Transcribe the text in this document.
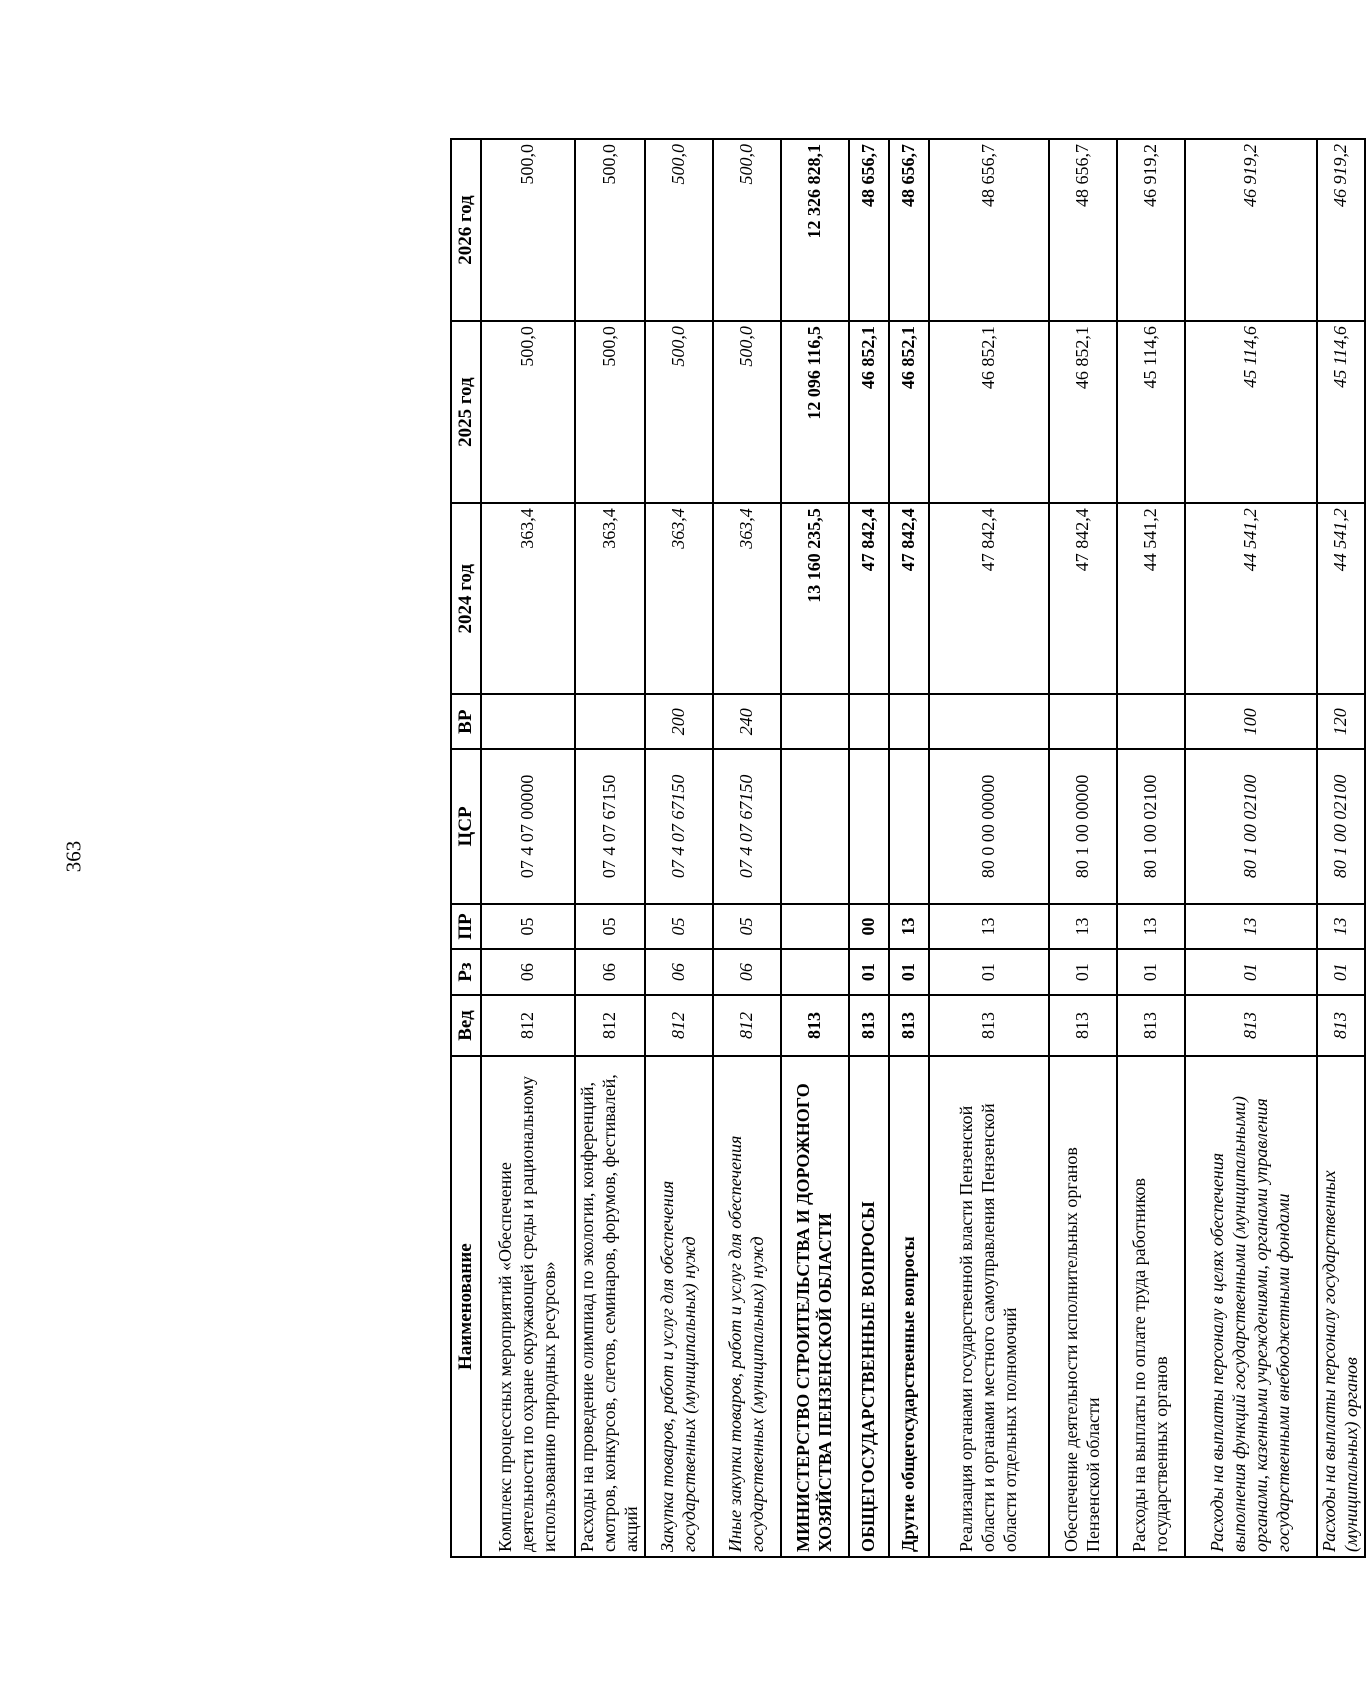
363
Наименование	Вед	Рз	ПР	ЦСР	ВР	2024 год	2025 год	2026 год
Комплекс процессных мероприятий «Обеспечение деятельности по охране окружающей среды и рациональному использованию природных ресурсов»	812	06	05	07 4 07 00000		363,4	500,0	500,0
Расходы на проведение олимпиад по экологии, конференций, смотров, конкурсов, слетов, семинаров, форумов, фестивалей, акций	812	06	05	07 4 07 67150		363,4	500,0	500,0
Закупка товаров, работ и услуг для обеспечения государственных (муниципальных) нужд	812	06	05	07 4 07 67150	200	363,4	500,0	500,0
Иные закупки товаров, работ и услуг для обеспечения государственных (муниципальных) нужд	812	06	05	07 4 07 67150	240	363,4	500,0	500,0
МИНИСТЕРСТВО СТРОИТЕЛЬСТВА И ДОРОЖНОГО ХОЗЯЙСТВА ПЕНЗЕНСКОЙ ОБЛАСТИ	813					13 160 235,5	12 096 116,5	12 326 828,1
ОБЩЕГОСУДАРСТВЕННЫЕ ВОПРОСЫ	813	01	00			47 842,4	46 852,1	48 656,7
Другие общегосударственные вопросы	813	01	13			47 842,4	46 852,1	48 656,7
Реализация органами государственной власти Пензенской области и органами местного самоуправления Пензенской области отдельных полномочий	813	01	13	80 0 00 00000		47 842,4	46 852,1	48 656,7
Обеспечение деятельности исполнительных органов Пензенской области	813	01	13	80 1 00 00000		47 842,4	46 852,1	48 656,7
Расходы на выплаты по оплате труда работников государственных органов	813	01	13	80 1 00 02100		44 541,2	45 114,6	46 919,2
Расходы на выплаты персоналу в целях обеспечения выполнения функций государственными (муниципальными) органами, казенными учреждениями, органами управления государственными внебюджетными фондами	813	01	13	80 1 00 02100	100	44 541,2	45 114,6	46 919,2
Расходы на выплаты персоналу государственных (муниципальных) органов	813	01	13	80 1 00 02100	120	44 541,2	45 114,6	46 919,2
